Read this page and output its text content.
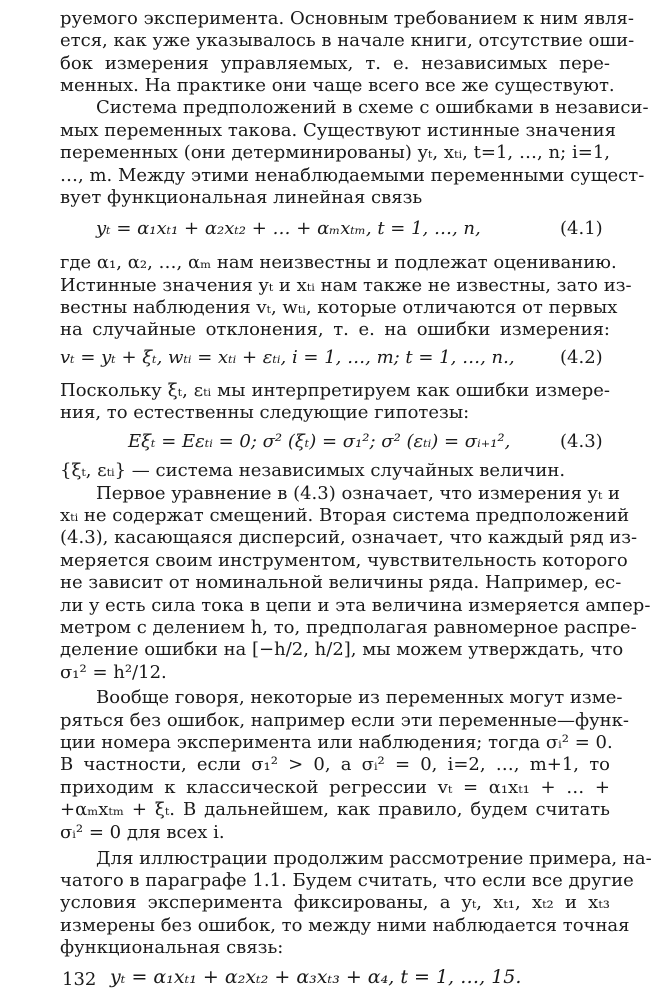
руемого эксперимента. Основным требованием к ним явля-
ется, как уже указывалось в начале книги, отсутствие оши-
бок измерения управляемых, т. е. независимых пере-
менных. На практике они чаще всего все же существуют.
Система предположений в схеме с ошибками в независи-
мых переменных такова. Существуют истинные значения
переменных (они детерминированы) yₜ, xₜᵢ, t=1, …, n; i=1,
…, m. Между этими ненаблюдаемыми переменными сущест-
вует функциональная линейная связь
yₜ = α₁xₜ₁ + α₂xₜ₂ + … + αₘxₜₘ, t = 1, …, n,	(4.1)
где α₁, α₂, …, αₘ нам неизвестны и подлежат оцениванию.
Истинные значения yₜ и xₜᵢ нам также не известны, зато из-
вестны наблюдения vₜ, wₜᵢ, которые отличаются от первых
на случайные отклонения, т. е. на ошибки измерения:
vₜ = yₜ + ξₜ, wₜᵢ = xₜᵢ + εₜᵢ, i = 1, …, m; t = 1, …, n.,	(4.2)
Поскольку ξₜ, εₜᵢ мы интерпретируем как ошибки измере-
ния, то естественны следующие гипотезы:
Eξₜ = Eεₜᵢ = 0; σ² (ξₜ) = σ₁²; σ² (εₜᵢ) = σᵢ₊₁²,	(4.3)
{ξₜ, εₜᵢ} — система независимых случайных величин.
Первое уравнение в (4.3) означает, что измерения yₜ и
xₜᵢ не содержат смещений. Вторая система предположений
(4.3), касающаяся дисперсий, означает, что каждый ряд из-
меряется своим инструментом, чувствительность которого
не зависит от номинальной величины ряда. Например, ес-
ли y есть сила тока в цепи и эта величина измеряется ампер-
метром с делением h, то, предполагая равномерное распре-
деление ошибки на [−h/2, h/2], мы можем утверждать, что
σ₁² = h²/12.
Вообще говоря, некоторые из переменных могут изме-
ряться без ошибок, например если эти переменные—функ-
ции номера эксперимента или наблюдения; тогда σᵢ² = 0.
В частности, если σ₁² > 0, а σᵢ² = 0, i=2, …, m+1, то
приходим к классической регрессии vₜ = α₁xₜ₁ + … +
+αₘxₜₘ + ξₜ. В дальнейшем, как правило, будем считать
σᵢ² = 0 для всех i.
Для иллюстрации продолжим рассмотрение примера, на-
чатого в параграфе 1.1. Будем считать, что если все другие
условия эксперимента фиксированы, а yₜ, xₜ₁, xₜ₂ и xₜ₃
измерены без ошибок, то между ними наблюдается точная
функциональная связь:
yₜ = α₁xₜ₁ + α₂xₜ₂ + α₃xₜ₃ + α₄, t = 1, …, 15.
132
